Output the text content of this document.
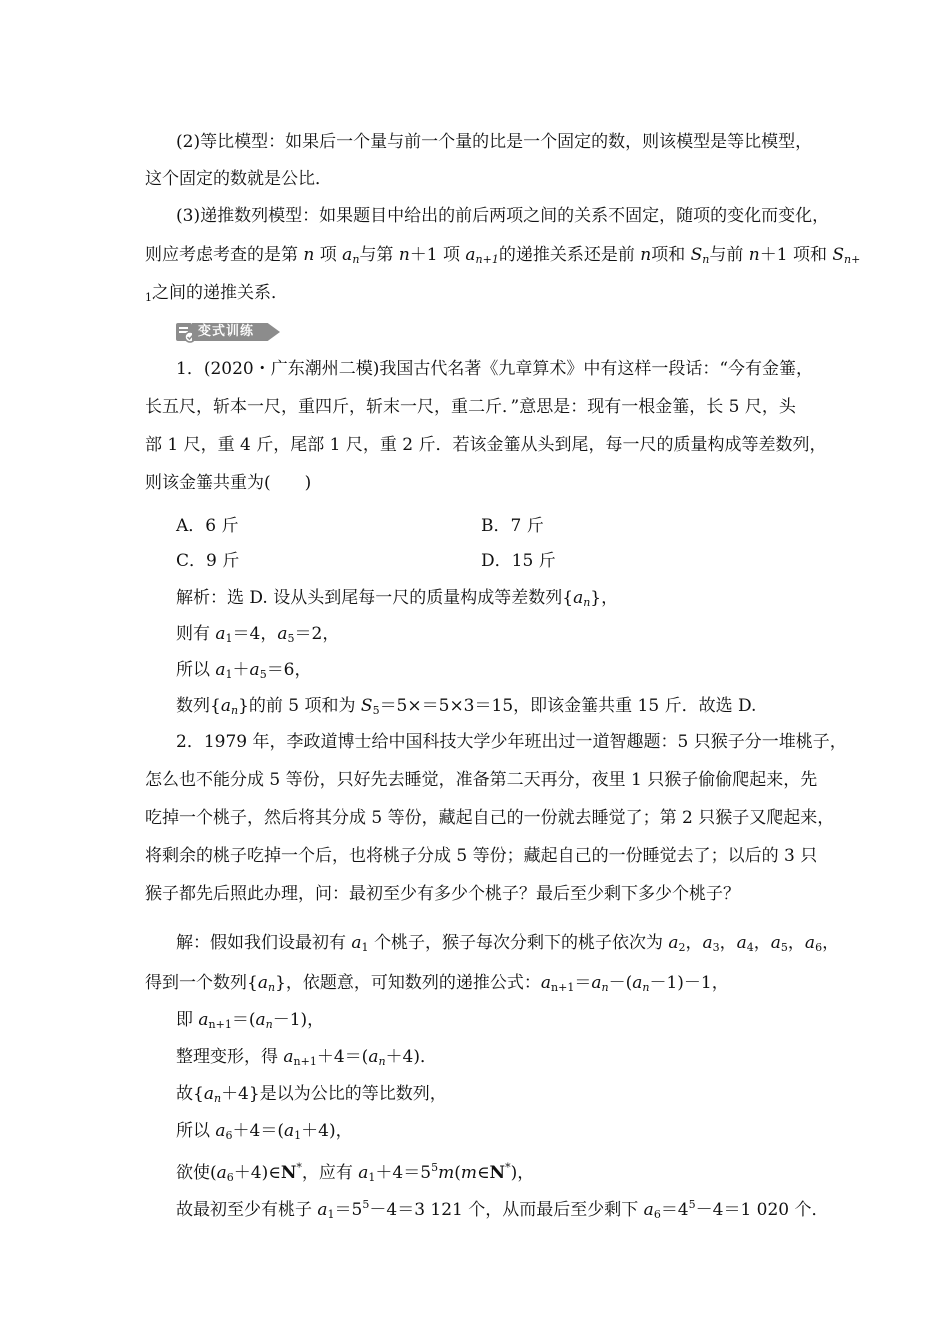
(2)等比模型：如果后一个量与前一个量的比是一个固定的数，则该模型是等比模型，
这个固定的数就是公比．
(3)递推数列模型：如果题目中给出的前后两项之间的关系不固定，随项的变化而变化，
则应考虑考查的是第 n 项 $a_n$与第 n＋1 项 $a_{n+1}$的递推关系还是前 n项和 $S_n$与前 n＋1 项和 $S_{n+}$
$_1$之间的递推关系．
变式训练
1．(2020・广东潮州二模)我国古代名著《九章算术》中有这样一段话：“今有金箠，
长五尺，斩本一尺，重四斤，斩末一尺，重二斤．”意思是：现有一根金箠，长 5 尺，头
部 1 尺，重 4 斤，尾部 1 尺，重 2 斤．若该金箠从头到尾，每一尺的质量构成等差数列，
则该金箠共重为(　　)
A．6 斤	B．7 斤
C．9 斤	D．15 斤
解析：选 D. 设从头到尾每一尺的质量构成等差数列$\{a_n\}$，
则有 $a_1=4$，$a_5=2$，
所以 $a_1+a_5=6$，
数列$\{a_n\}$的前 5 项和为 $S_5=5\times=5\times 3=15$，即该金箠共重 15 斤．故选 D.
2．1979 年，李政道博士给中国科技大学少年班出过一道智趣题：5 只猴子分一堆桃子，
怎么也不能分成 5 等份，只好先去睡觉，准备第二天再分，夜里 1 只猴子偷偷爬起来，先
吃掉一个桃子，然后将其分成 5 等份，藏起自己的一份就去睡觉了；第 2 只猴子又爬起来，
将剩余的桃子吃掉一个后，也将桃子分成 5 等份；藏起自己的一份睡觉去了；以后的 3 只
猴子都先后照此办理，问：最初至少有多少个桃子？最后至少剩下多少个桃子？
解：假如我们设最初有 $a_1$ 个桃子，猴子每次分剩下的桃子依次为 $a_2$，$a_3$，$a_4$，$a_5$，$a_6$，
得到一个数列$\{a_n\}$，依题意，可知数列的递推公式：$a_{n+1}=a_n-(a_n-1)-1$，
即 $a_{n+1}=(a_n-1)$，
整理变形，得 $a_{n+1}+4=(a_n+4)$．
故$\{a_n+4\}$是以为公比的等比数列，
所以 $a_6+4=(a_1+4)$，
欲使$(a_6+4)\in N^*$，应有 $a_1+4=5^5m(m\in N^*)$，
故最初至少有桃子 $a_1=5^5-4=3$ 121 个，从而最后至少剩下 $a_6=4^5-4=1$ 020 个．
